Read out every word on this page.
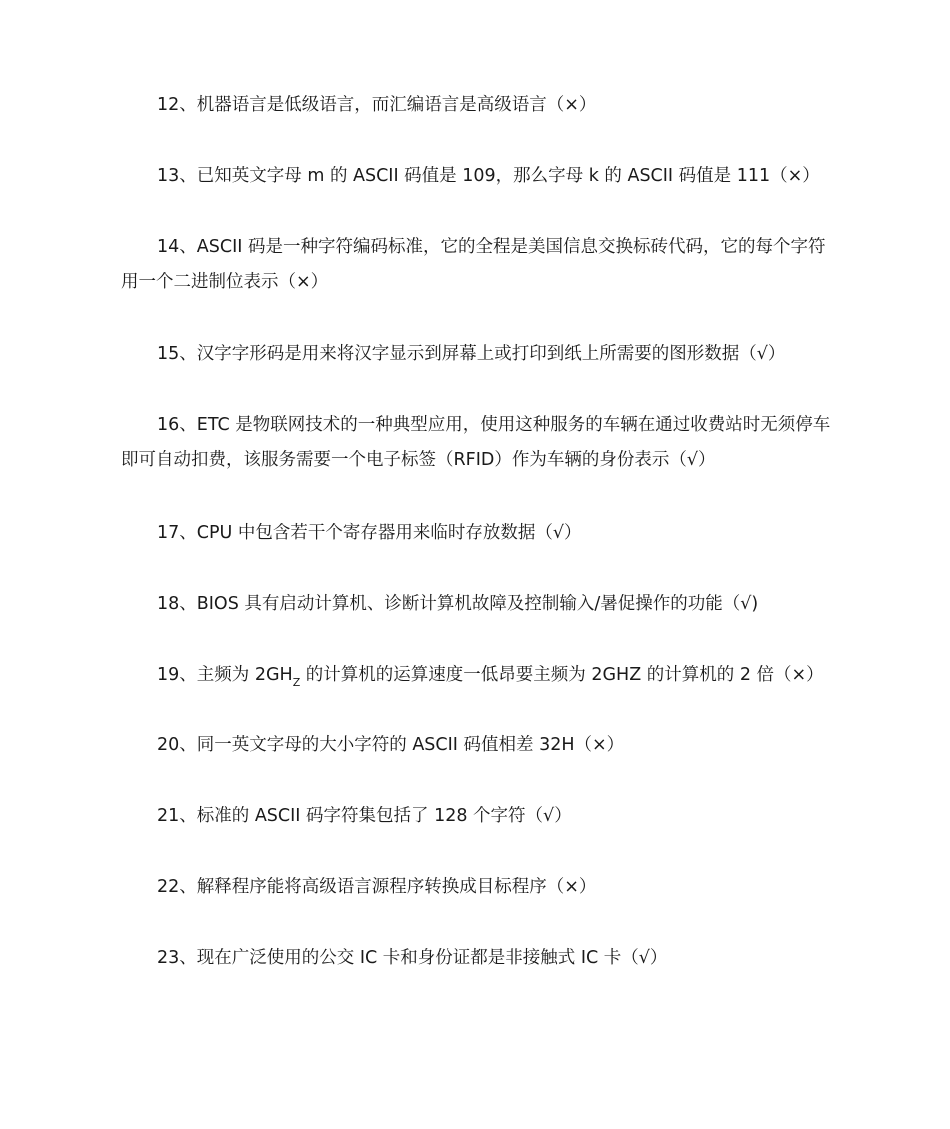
12、机器语言是低级语言，而汇编语言是高级语言（×）

13、已知英文字母 m 的 ASCII 码值是 109，那么字母 k 的 ASCII 码值是 111（×）

14、ASCII 码是一种字符编码标准，它的全程是美国信息交换标砖代码，它的每个字符用一个二进制位表示（×）

15、汉字字形码是用来将汉字显示到屏幕上或打印到纸上所需要的图形数据（√）

16、ETC 是物联网技术的一种典型应用，使用这种服务的车辆在通过收费站时无须停车即可自动扣费，该服务需要一个电子标签（RFID）作为车辆的身份表示（√）

17、CPU 中包含若干个寄存器用来临时存放数据（√）

18、BIOS 具有启动计算机、诊断计算机故障及控制输入/暑促操作的功能（√)

19、主频为 $2GH_Z$ 的计算机的运算速度一低昂要主频为 2GHZ 的计算机的 2 倍（×）

20、同一英文字母的大小字符的 ASCII 码值相差 32H（×）

21、标准的 ASCII 码字符集包括了 128 个字符（√）

22、解释程序能将高级语言源程序转换成目标程序（×）

23、现在广泛使用的公交 IC 卡和身份证都是非接触式 IC 卡（√）
